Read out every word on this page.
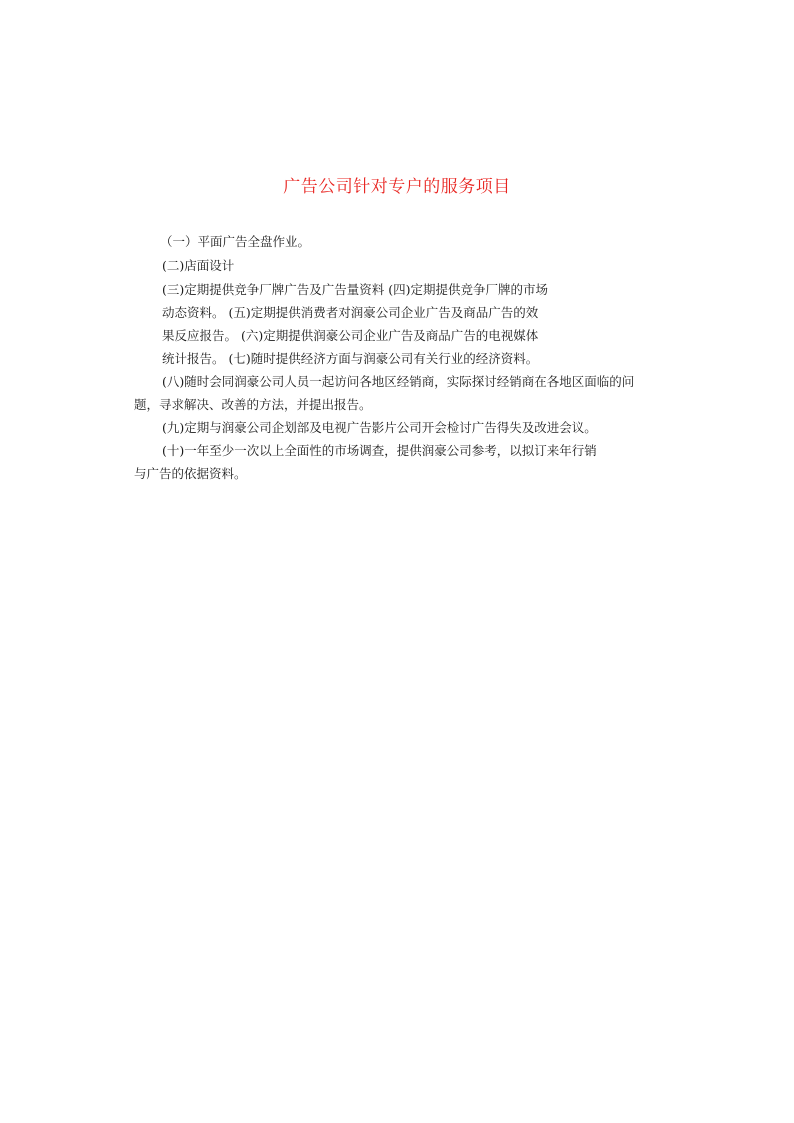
广告公司针对专户的服务项目
（一）平面广告全盘作业。
(二)店面设计
(三)定期提供竞争厂牌广告及广告量资料 (四)定期提供竞争厂牌的市场
动态资料。 (五)定期提供消费者对润豪公司企业广告及商品广告的效
果反应报告。 (六)定期提供润豪公司企业广告及商品广告的电视媒体
统计报告。 (七)随时提供经济方面与润豪公司有关行业的经济资料。
(八)随时会同润豪公司人员一起访问各地区经销商，实际探讨经销商在各地区面临的问
题，寻求解决、改善的方法，并提出报告。
(九)定期与润豪公司企划部及电视广告影片公司开会检讨广告得失及改进会议。
(十)一年至少一次以上全面性的市场调查，提供润豪公司参考，以拟订来年行销
与广告的依据资料。
